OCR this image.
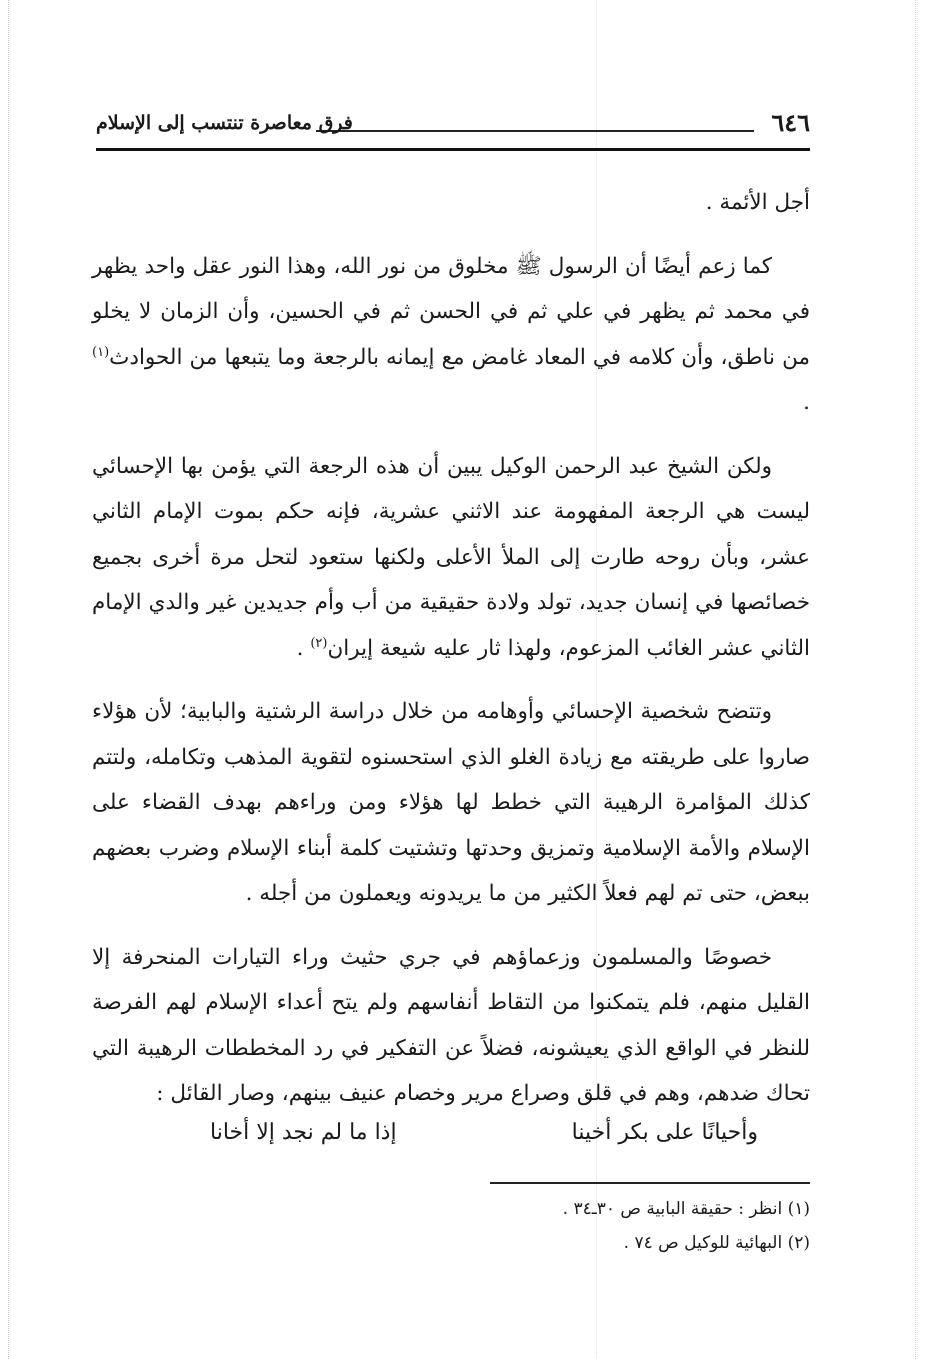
٦٤٦
فرق معاصرة تنتسب إلى الإسلام

أجل الأئمة .

كما زعم أيضًا أن الرسول ﷺ مخلوق من نور الله، وهذا النور عقل واحد يظهر في محمد ثم يظهر في علي ثم في الحسن ثم في الحسين، وأن الزمان لا يخلو من ناطق، وأن كلامه في المعاد غامض مع إيمانه بالرجعة وما يتبعها من الحوادث$^{(١)}$ .

ولكن الشيخ عبد الرحمن الوكيل يبين أن هذه الرجعة التي يؤمن بها الإحسائي ليست هي الرجعة المفهومة عند الاثني عشرية، فإنه حكم بموت الإمام الثاني عشر، وبأن روحه طارت إلى الملأ الأعلى ولكنها ستعود لتحل مرة أخرى بجميع خصائصها في إنسان جديد، تولد ولادة حقيقية من أب وأم جديدين غير والدي الإمام الثاني عشر الغائب المزعوم، ولهذا ثار عليه شيعة إيران$^{(٢)}$ .

وتتضح شخصية الإحسائي وأوهامه من خلال دراسة الرشتية والبابية؛ لأن هؤلاء صاروا على طريقته مع زيادة الغلو الذي استحسنوه لتقوية المذهب وتكامله، ولتتم كذلك المؤامرة الرهيبة التي خطط لها هؤلاء ومن وراءهم بهدف القضاء على الإسلام والأمة الإسلامية وتمزيق وحدتها وتشتيت كلمة أبناء الإسلام وضرب بعضهم ببعض، حتى تم لهم فعلاً الكثير من ما يريدونه ويعملون من أجله .

خصوصًا والمسلمون وزعماؤهم في جري حثيث وراء التيارات المنحرفة إلا القليل منهم، فلم يتمكنوا من التقاط أنفاسهم ولم يتح أعداء الإسلام لهم الفرصة للنظر في الواقع الذي يعيشونه، فضلاً عن التفكير في رد المخططات الرهيبة التي تحاك ضدهم، وهم في قلق وصراع مرير وخصام عنيف بينهم، وصار القائل :

وأحيانًا على بكر أخينا
إذا ما لم نجد إلا أخانا

(١) انظر : حقيقة البابية ص ٣٠ـ٣٤ .

(٢) البهائية للوكيل ص ٧٤ .
